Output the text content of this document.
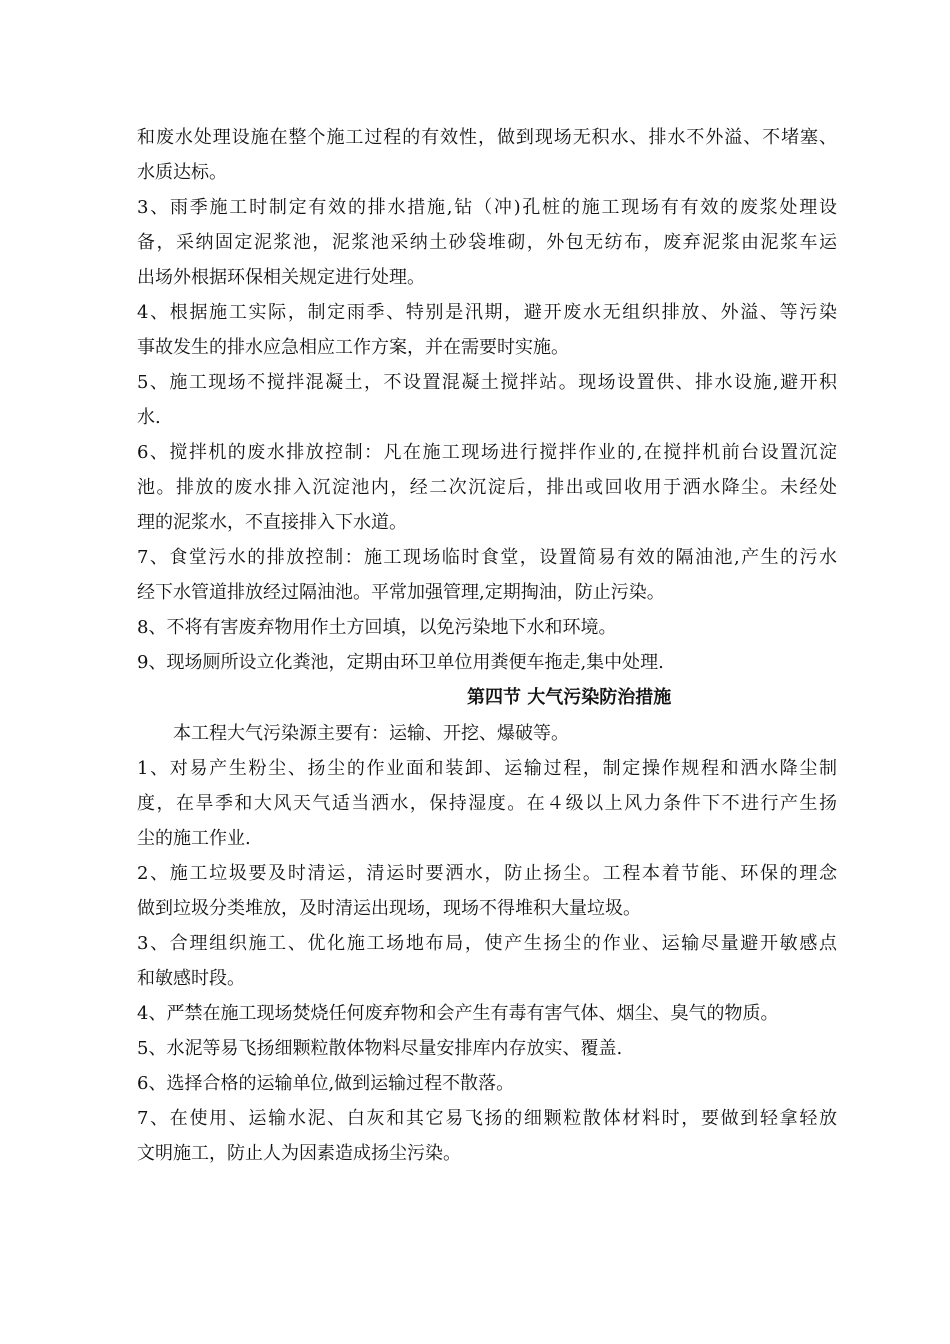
和废水处理设施在整个施工过程的有效性，做到现场无积水、排水不外溢、不堵塞、
水质达标。
3、雨季施工时制定有效的排水措施,钻（冲)孔桩的施工现场有有效的废浆处理设
备，采纳固定泥浆池，泥浆池采纳土砂袋堆砌，外包无纺布，废弃泥浆由泥浆车运
出场外根据环保相关规定进行处理。
4、根据施工实际，制定雨季、特别是汛期，避开废水无组织排放、外溢、等污染
事故发生的排水应急相应工作方案，并在需要时实施。
5、施工现场不搅拌混凝土，不设置混凝土搅拌站。现场设置供、排水设施,避开积
水.
6、搅拌机的废水排放控制：凡在施工现场进行搅拌作业的,在搅拌机前台设置沉淀
池。排放的废水排入沉淀池内，经二次沉淀后，排出或回收用于洒水降尘。未经处
理的泥浆水，不直接排入下水道。
7、食堂污水的排放控制：施工现场临时食堂，设置简易有效的隔油池,产生的污水
经下水管道排放经过隔油池。平常加强管理,定期掏油，防止污染。
8、不将有害废弃物用作土方回填，以免污染地下水和环境。
9、现场厕所设立化粪池，定期由环卫单位用粪便车拖走,集中处理.
第四节 大气污染防治措施
本工程大气污染源主要有：运输、开挖、爆破等。
1、对易产生粉尘、扬尘的作业面和装卸、运输过程，制定操作规程和洒水降尘制
度，在旱季和大风天气适当洒水，保持湿度。在４级以上风力条件下不进行产生扬
尘的施工作业.
2、施工垃圾要及时清运，清运时要洒水，防止扬尘。工程本着节能、环保的理念
做到垃圾分类堆放，及时清运出现场，现场不得堆积大量垃圾。
3、合理组织施工、优化施工场地布局，使产生扬尘的作业、运输尽量避开敏感点
和敏感时段。
4、严禁在施工现场焚烧任何废弃物和会产生有毒有害气体、烟尘、臭气的物质。
5、水泥等易飞扬细颗粒散体物料尽量安排库内存放实、覆盖.
6、选择合格的运输单位,做到运输过程不散落。
7、在使用、运输水泥、白灰和其它易飞扬的细颗粒散体材料时，要做到轻拿轻放
文明施工，防止人为因素造成扬尘污染。
